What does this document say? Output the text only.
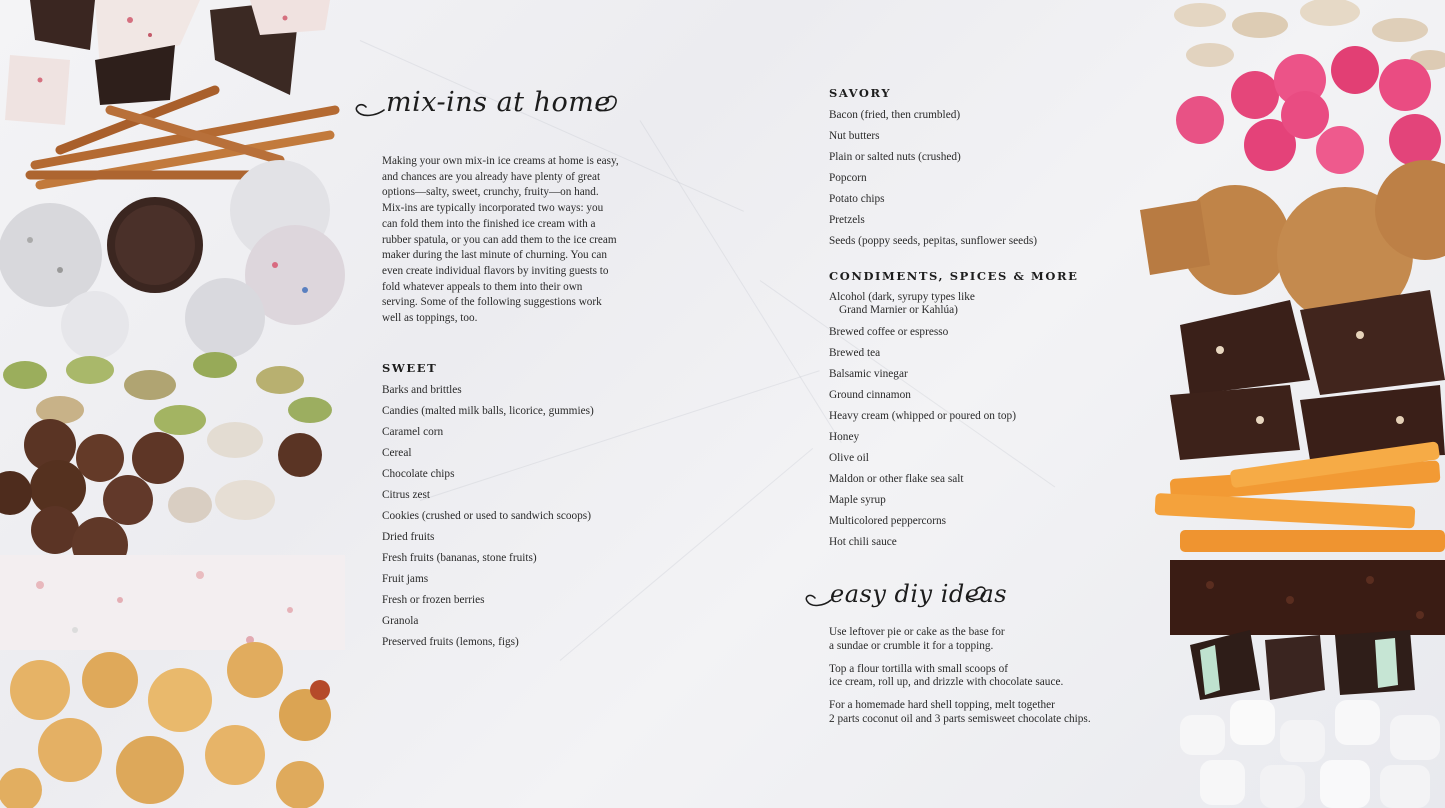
mix-ins at home

Making your own mix-in ice creams at home is easy, and chances are you already have plenty of great options—salty, sweet, crunchy, fruity—on hand. Mix-ins are typically incorporated two ways: you can fold them into the finished ice cream with a rubber spatula, or you can add them to the ice cream maker during the last minute of churning. You can even create individual flavors by inviting guests to fold whatever appeals to them into their own serving. Some of the following suggestions work well as toppings, too.

SWEET
Barks and brittles
Candies (malted milk balls, licorice, gummies)
Caramel corn
Cereal
Chocolate chips
Citrus zest
Cookies (crushed or used to sandwich scoops)
Dried fruits
Fresh fruits (bananas, stone fruits)
Fruit jams
Fresh or frozen berries
Granola
Preserved fruits (lemons, figs)
SAVORY
Bacon (fried, then crumbled)
Nut butters
Plain or salted nuts (crushed)
Popcorn
Potato chips
Pretzels
Seeds (poppy seeds, pepitas, sunflower seeds)
CONDIMENTS, SPICES & MORE
Alcohol (dark, syrupy types like
Grand Marnier or Kahlúa)
Brewed coffee or espresso
Brewed tea
Balsamic vinegar
Ground cinnamon
Heavy cream (whipped or poured on top)
Honey
Olive oil
Maldon or other flake sea salt
Maple syrup
Multicolored peppercorns
Hot chili sauce
easy diy ideas

Use leftover pie or cake as the base for
a sundae or crumble it for a topping.

Top a flour tortilla with small scoops of
ice cream, roll up, and drizzle with chocolate sauce.

For a homemade hard shell topping, melt together
2 parts coconut oil and 3 parts semisweet chocolate chips.
